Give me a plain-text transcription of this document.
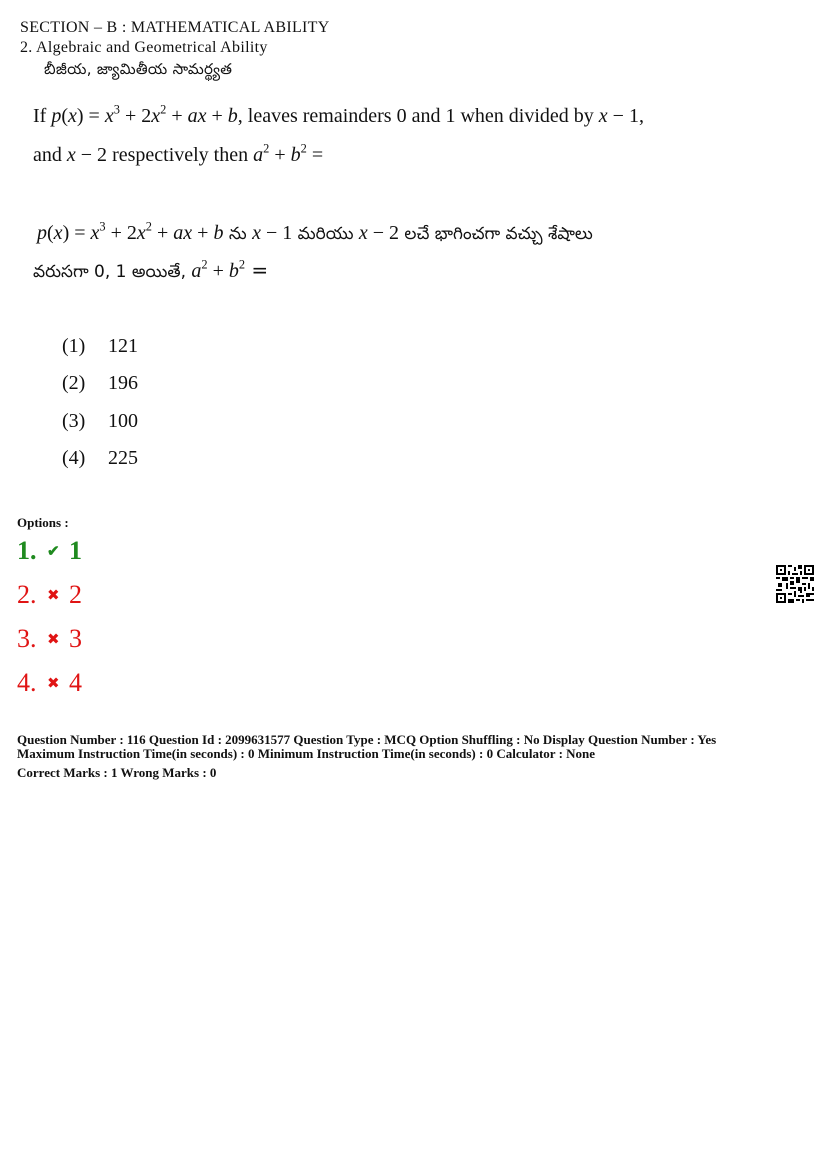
SECTION – B : MATHEMATICAL ABILITY
2. Algebraic and Geometrical Ability
బీజీయ, జ్యామితీయ సామర్థ్యత
If $p(x) = x^3 + 2x^2$ + ax + b, leaves remainders 0 and 1 when divided by x − 1,
and x − 2 respectively then $a^2 + b^2$ =
$p(x) = x^3 + 2x^2$ + ax + b ను x − 1 మరియు x − 2 లచే భాగించగా వచ్చు శేషాలు
వరుసగా 0, 1 అయితే, $a^2 + b^2$ =
(1) 121
(2) 196
(3) 100
(4) 225
Options :
1. ✔ 1
2. ✖ 2
3. ✖ 3
4. ✖ 4
Question Number : 116 Question Id : 2099631577 Question Type : MCQ Option Shuffling : No Display Question Number : Yes
Maximum Instruction Time(in seconds) : 0 Minimum Instruction Time(in seconds) : 0 Calculator : None
Correct Marks : 1 Wrong Marks : 0
